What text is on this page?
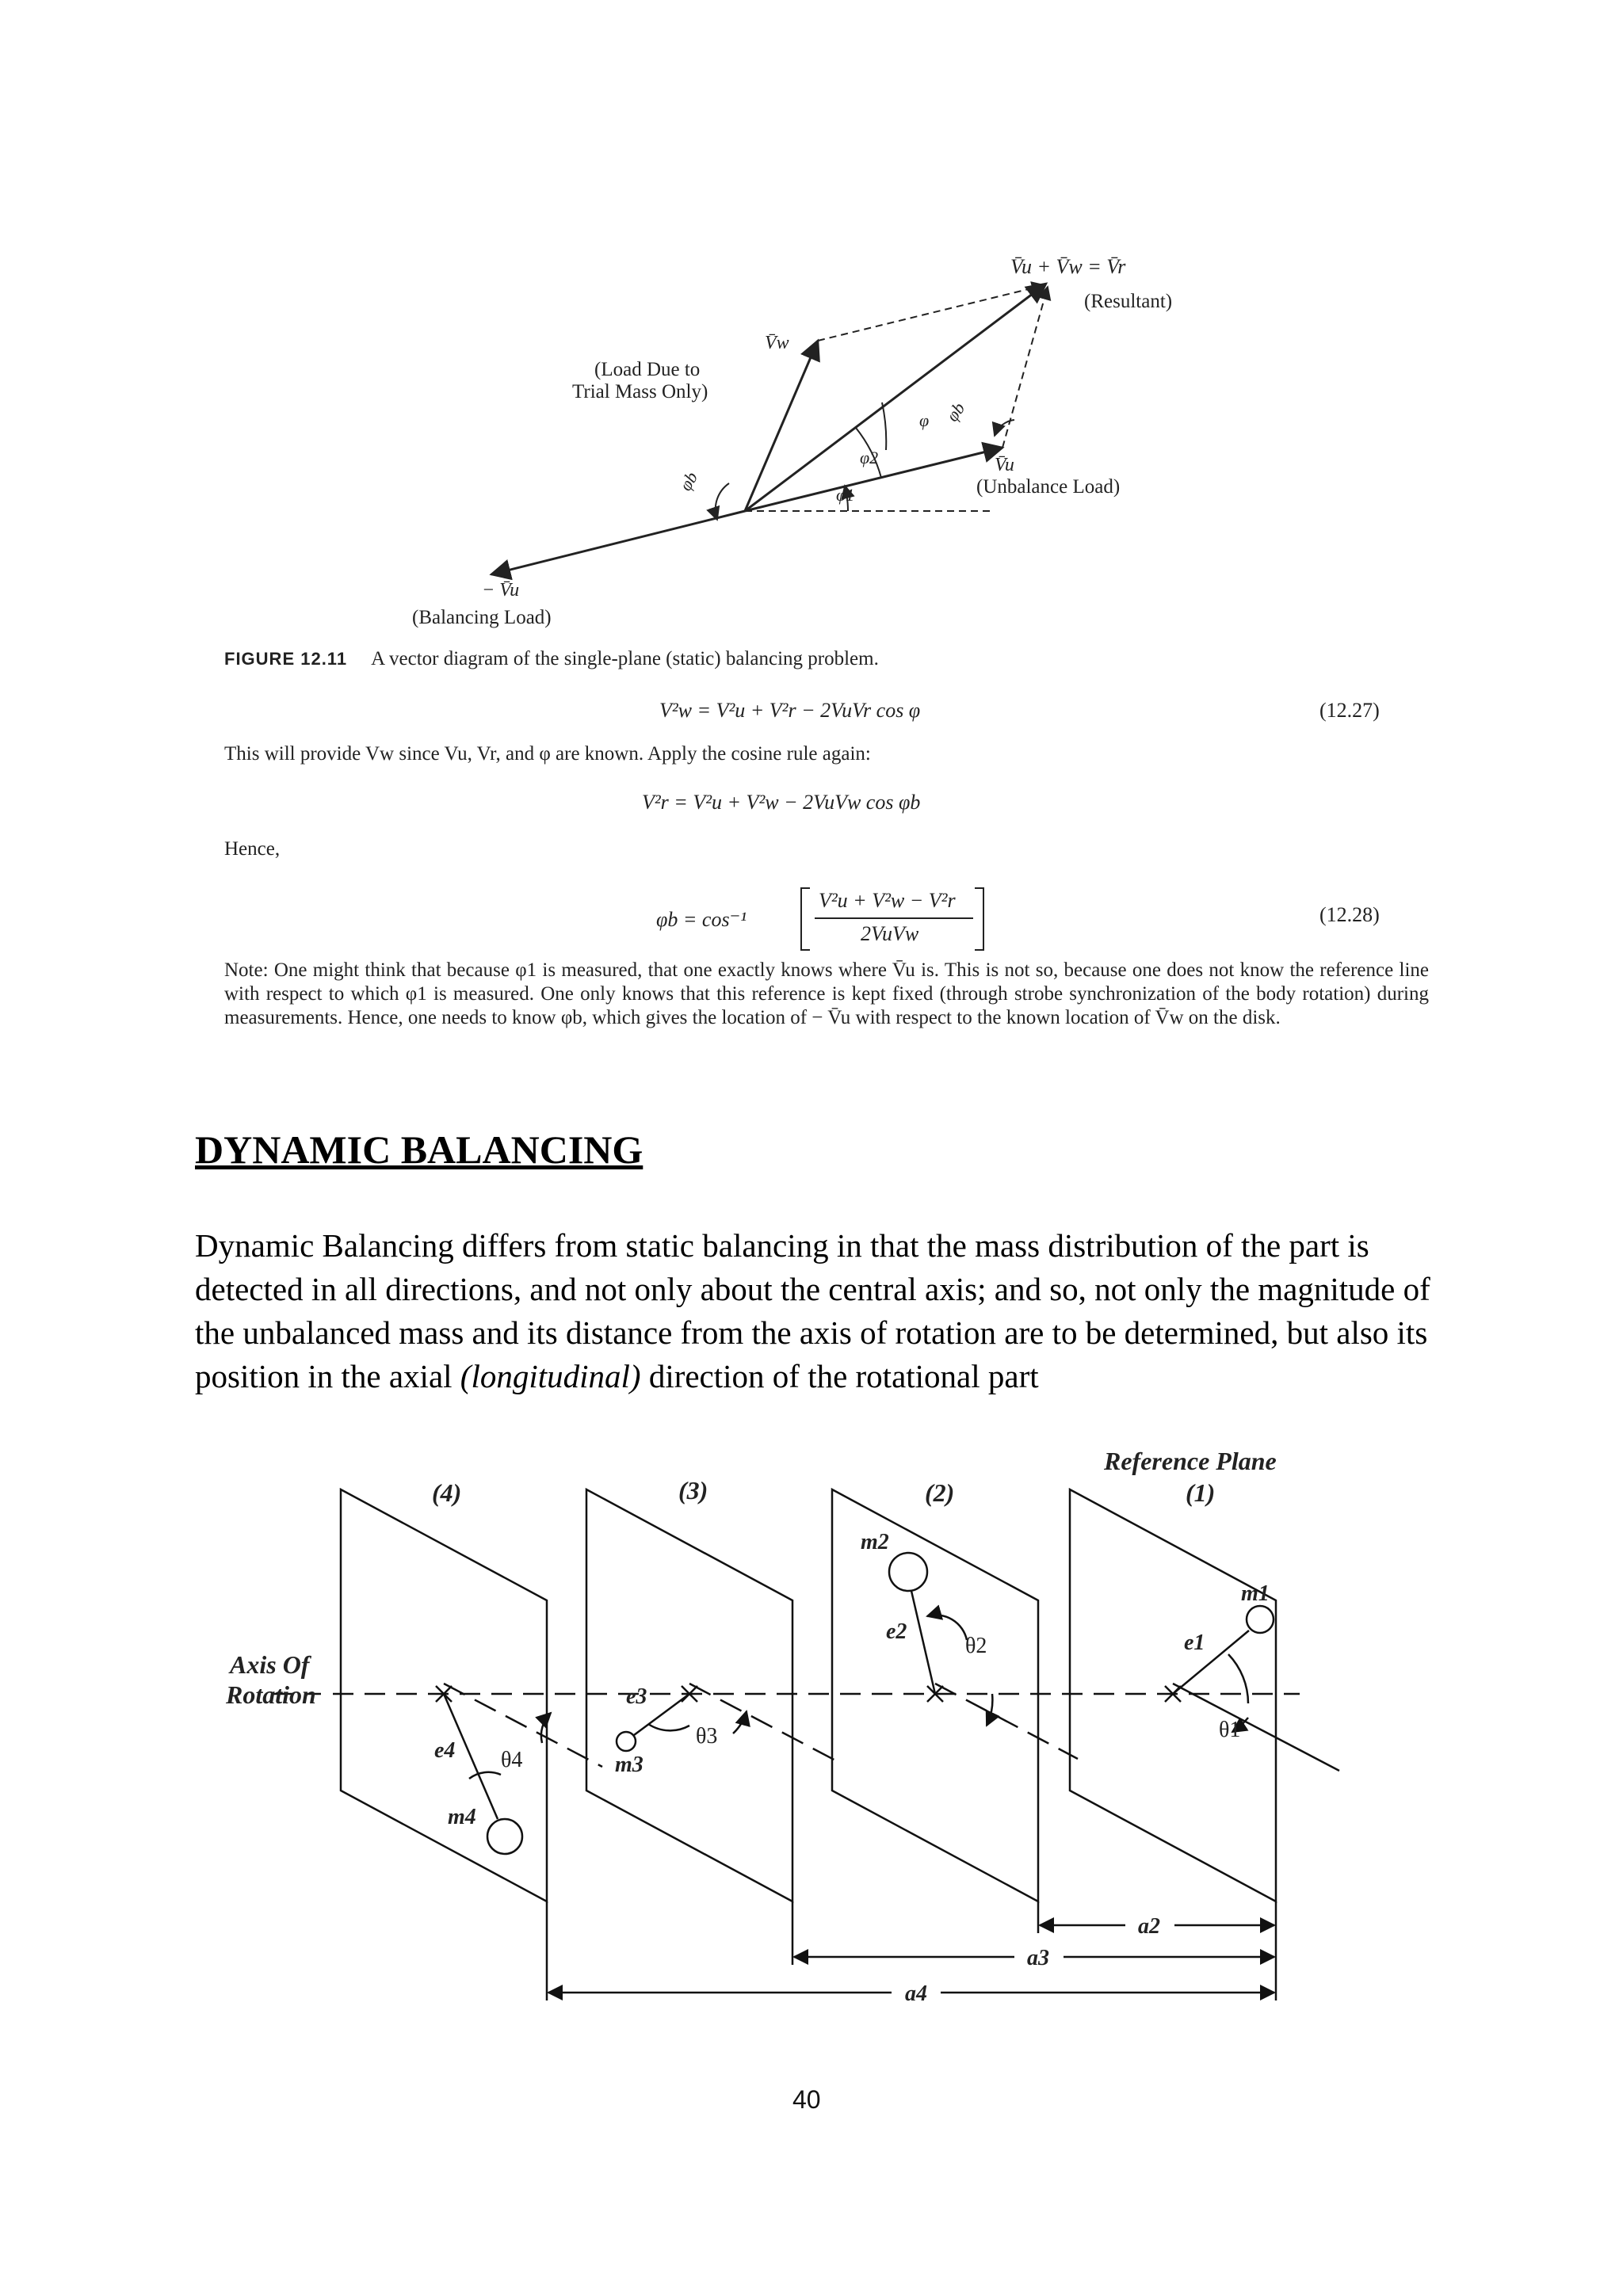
V̄u + V̄w = V̄r
(Resultant)
V̄w
(Load Due to
Trial Mass Only)
V̄u
(Unbalance Load)
− V̄u
(Balancing Load)
φb
φ φb
φ2
φ1
FIGURE 12.11 A vector diagram of the single-plane (static) balancing problem.
V²w = V²u + V²r − 2VuVr cos φ	(12.27)
This will provide Vw since Vu, Vr, and φ are known. Apply the cosine rule again:
V²r = V²u + V²w − 2VuVw cos φb
Hence,
φb = cos⁻¹
V²u + V²w − V²r
2VuVw
(12.28)
Note: One might think that because φ1 is measured, that one exactly knows where V̄u is. This is not so, because one does not know the reference line with respect to which φ1 is measured. One only knows that this reference is kept fixed (through strobe synchronization of the body rotation) during measurements. Hence, one needs to know φb, which gives the location of − V̄u with respect to the known location of V̄w on the disk.
DYNAMIC BALANCING
Dynamic Balancing differs from static balancing in that the mass distribution of the part is detected in all directions, and not only about the central axis; and so, not only the magnitude of the unbalanced mass and its distance from the axis of rotation are to be determined, but also its position in the axial (longitudinal) direction of the rotational part
Reference Plane
(1)
(2)
(3)
(4)
Axis Of
Rotation
m1
m2
m3
m4
e1
e2
e3
e4
a2
a3
a4
θ1
θ2
θ3
θ4
40
